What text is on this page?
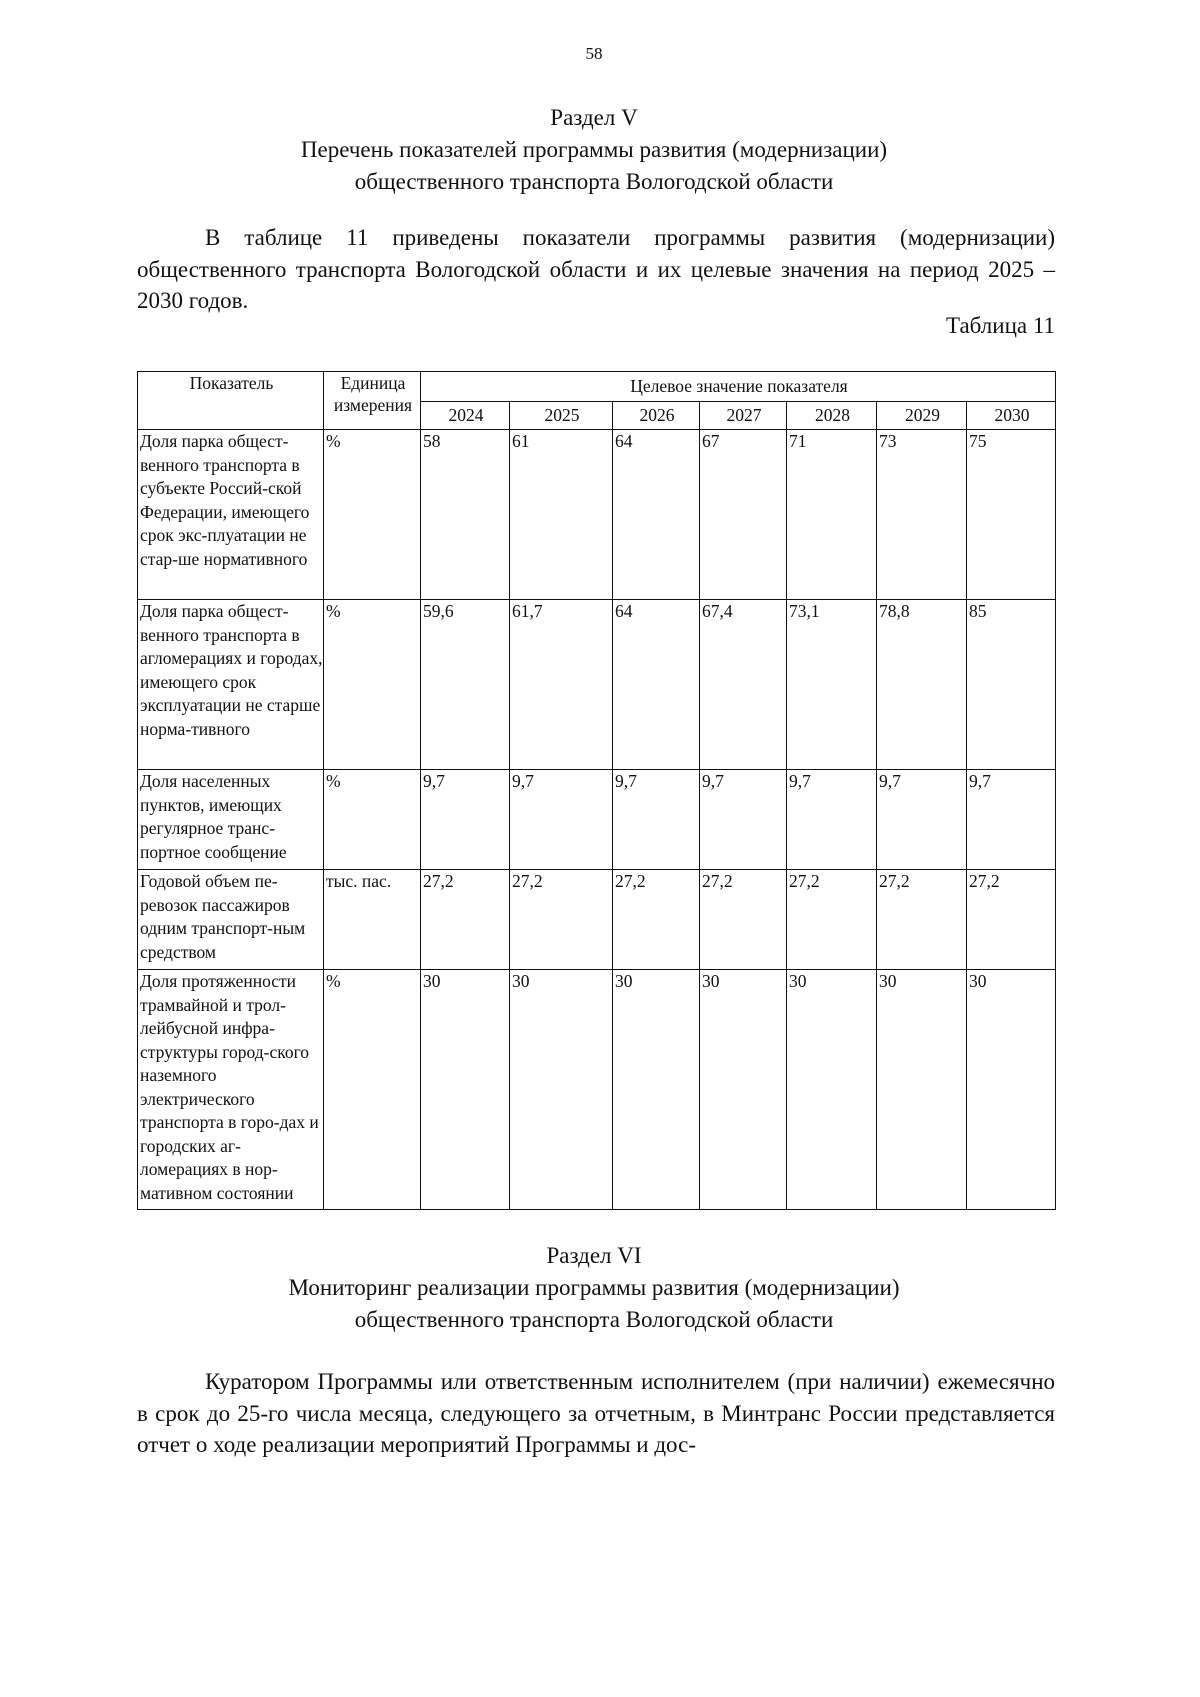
58
Раздел V
Перечень показателей программы развития (модернизации)
общественного транспорта Вологодской области
В таблице 11 приведены показатели программы развития (модернизации) общественного транспорта Вологодской области и их целевые значения на период 2025 – 2030 годов.
Таблица 11
Показатель	Единица измерения	Целевое значение показателя						
		2024	2025	2026	2027	2028	2029	2030
Доля парка общест-венного транспорта в субъекте Россий-ской Федерации, имеющего срок экс-плуатации не стар-ше нормативного	%	58	61	64	67	71	73	75
Доля парка общест-венного транспорта в агломерациях и городах, имеющего срок эксплуатации не старше норма-тивного	%	59,6	61,7	64	67,4	73,1	78,8	85
Доля населенных пунктов, имеющих регулярное транс-портное сообщение	%	9,7	9,7	9,7	9,7	9,7	9,7	9,7
Годовой объем пе-ревозок пассажиров одним транспорт-ным средством	тыс. пас.	27,2	27,2	27,2	27,2	27,2	27,2	27,2
Доля протяженности трамвайной и трол-лейбусной инфра-структуры город-ского наземного электрического транспорта в горо-дах и городских аг-ломерациях в нор-мативном состоянии	%	30	30	30	30	30	30	30
Раздел VI
Мониторинг реализации программы развития (модернизации)
общественного транспорта Вологодской области
Куратором Программы или ответственным исполнителем (при наличии) ежемесячно в срок до 25-го числа месяца, следующего за отчетным, в Минтранс России представляется отчет о ходе реализации мероприятий Программы и дос-
